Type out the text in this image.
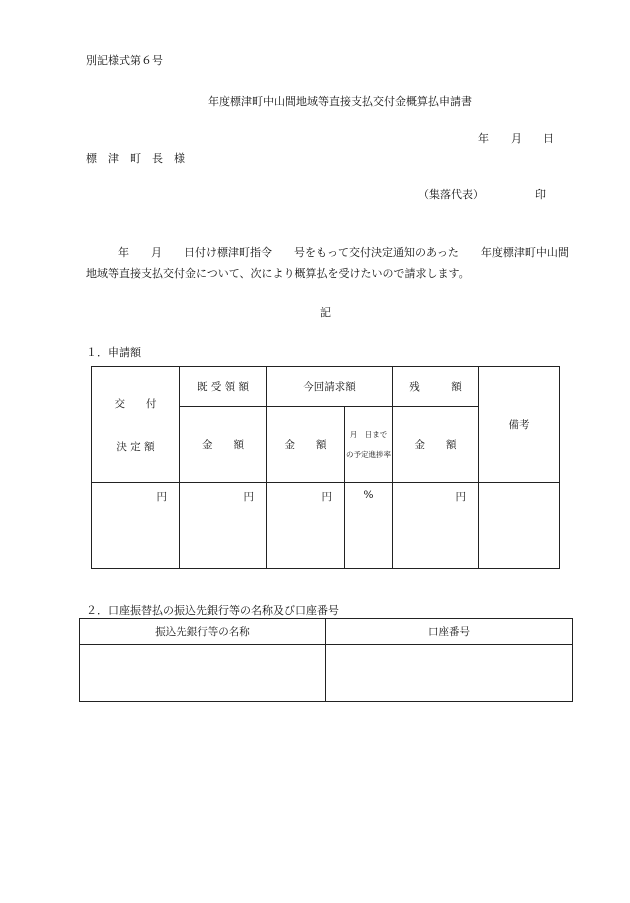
別記様式第６号
年度標津町中山間地域等直接支払交付金概算払申請書
年 月 日
標　津　町　長　様
（集落代表）	印
年　　月　　日付け標津町指令　　号をもって交付決定通知のあった　　年度標津町中山間
地域等直接支払交付金について、次により概算払を受けたいので請求します。
記
１．申請額
交　　付
決 定 額	既 受 領 額	今回請求額		残　　　額	備考
	金　　額	金　　額	月　日まで
の予定進捗率	金　　額	
円	円	円	%	円	
２．口座振替払の振込先銀行等の名称及び口座番号
振込先銀行等の名称	口座番号
